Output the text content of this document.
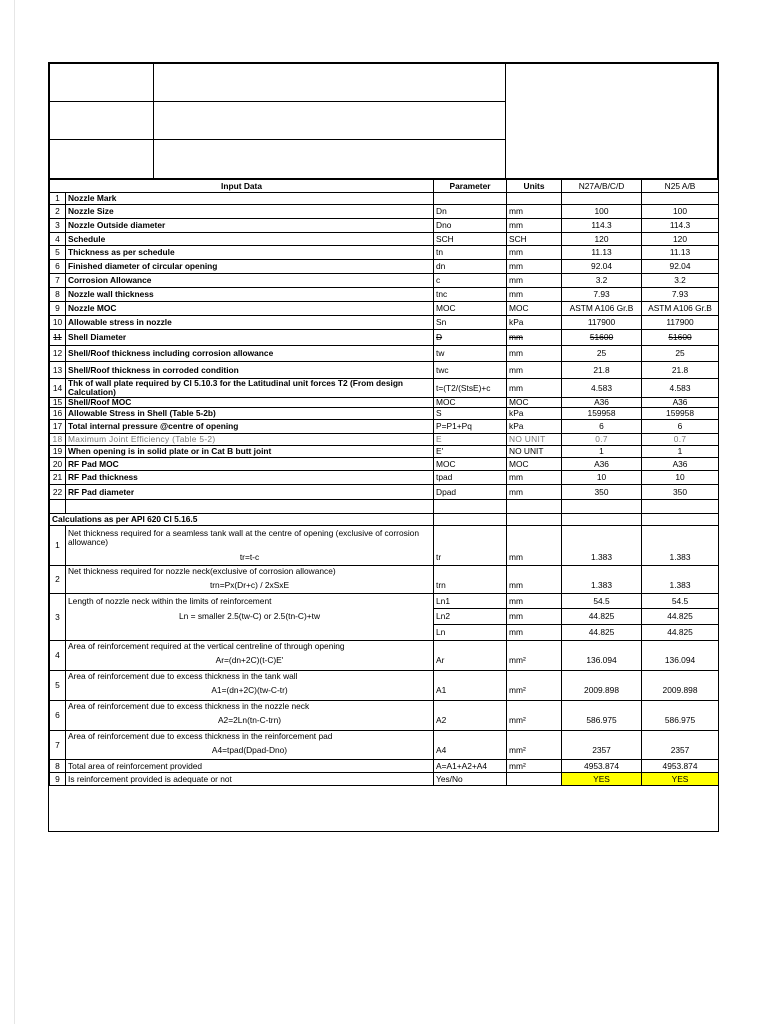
Input Data		Parameter	Units	N27A/B/C/D	N25 A/B
1	Nozzle Mark				
2	Nozzle Size	Dn	mm	100	100
3	Nozzle Outside diameter	Dno	mm	114.3	114.3
4	Schedule	SCH	SCH	120	120
5	Thickness as per schedule	tn	mm	11.13	11.13
6	Finished diameter of circular opening	dn	mm	92.04	92.04
7	Corrosion Allowance	c	mm	3.2	3.2
8	Nozzle wall thickness	tnc	mm	7.93	7.93
9	Nozzle MOC	MOC	MOC	ASTM A106 Gr.B	ASTM A106 Gr.B
10	Allowable stress in nozzle	Sn	kPa	117900	117900
11	Shell Diameter	D	mm	51600	51600
12	Shell/Roof thickness including corrosion allowance	tw	mm	25	25
13	Shell/Roof thickness in corroded condition	twc	mm	21.8	21.8
14	Thk of wall plate required by Cl 5.10.3 for the Latitudinal unit forces T2 (From design Calculation)	t=(T2/(StsE)+c	mm	4.583	4.583
15	Shell/Roof MOC	MOC	MOC	A36	A36
16	Allowable Stress in Shell (Table 5-2b)	S	kPa	159958	159958
17	Total internal pressure @centre of opening	P=P1+Pq	kPa	6	6
18	Maximum Joint Efficiency (Table 5-2)	E	NO UNIT	0.7	0.7
19	When opening is in solid plate or in Cat B butt joint	E'	NO UNIT	1	1
20	RF Pad MOC	MOC	MOC	A36	A36
21	RF Pad thickness	tpad	mm	10	10
22	RF Pad diameter	Dpad	mm	350	350

Calculations as per API 620 Cl 5.16.5					
1	Net thickness required for a seamless tank wall at the centre of opening (exclusive of corrosion allowance)				
	tr=t-c	tr	mm	1.383	1.383
2	Net thickness required for nozzle neck(exclusive of corrosion allowance)				
	trn=Px(Dr+c) / 2xSxE	trn	mm	1.383	1.383
3	Length of nozzle neck within the limits of reinforcement	Ln1	mm	54.5	54.5
	Ln = smaller 2.5(tw-C) or 2.5(tn-C)+tw	Ln2	mm	44.825	44.825
		Ln	mm	44.825	44.825
4	Area of reinforcement required at the vertical centreline of through opening				
	Ar=(dn+2C)(t-C)E'	Ar	mm²	136.094	136.094
5	Area of reinforcement due to excess thickness in the tank wall				
	A1=(dn+2C)(tw-C-tr)	A1	mm²	2009.898	2009.898
6	Area of reinforcement due to excess thickness in the nozzle neck				
	A2=2Ln(tn-C-trn)	A2	mm²	586.975	586.975
7	Area of reinforcement due to excess thickness in the reinforcement pad				
	A4=tpad(Dpad-Dno)	A4	mm²	2357	2357
8	Total area of reinforcement provided	A=A1+A2+A4	mm²	4953.874	4953.874
9	Is reinforcement provided is adequate or not	Yes/No		YES	YES
